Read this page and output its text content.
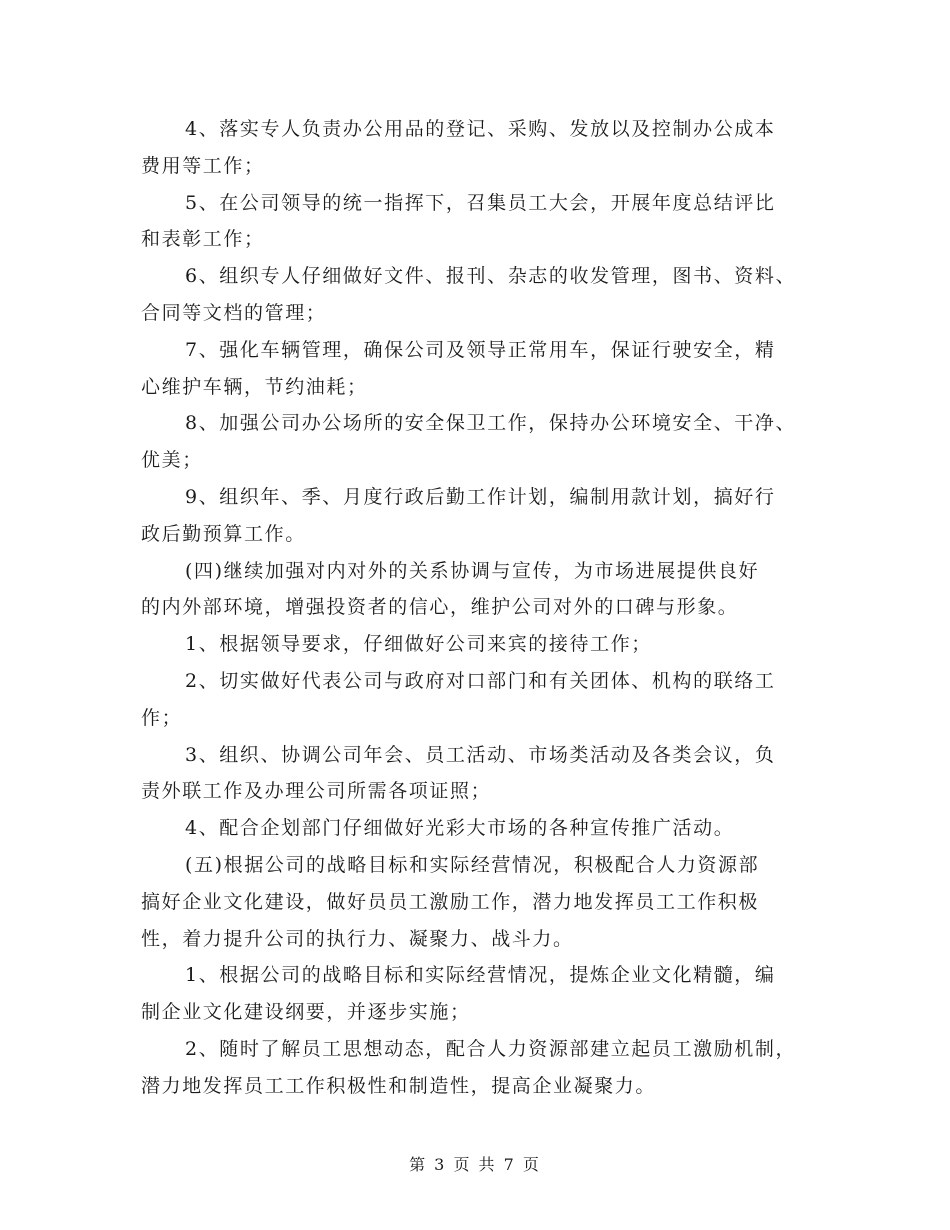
4、落实专人负责办公用品的登记、采购、发放以及控制办公成本
费用等工作；
5、在公司领导的统一指挥下，召集员工大会，开展年度总结评比
和表彰工作；
6、组织专人仔细做好文件、报刊、杂志的收发管理，图书、资料、
合同等文档的管理；
7、强化车辆管理，确保公司及领导正常用车，保证行驶安全，精
心维护车辆，节约油耗；
8、加强公司办公场所的安全保卫工作，保持办公环境安全、干净、
优美；
9、组织年、季、月度行政后勤工作计划，编制用款计划，搞好行
政后勤预算工作。
(四)继续加强对内对外的关系协调与宣传，为市场进展提供良好
的内外部环境，增强投资者的信心，维护公司对外的口碑与形象。
1、根据领导要求，仔细做好公司来宾的接待工作；
2、切实做好代表公司与政府对口部门和有关团体、机构的联络工
作；
3、组织、协调公司年会、员工活动、市场类活动及各类会议，负
责外联工作及办理公司所需各项证照；
4、配合企划部门仔细做好光彩大市场的各种宣传推广活动。
(五)根据公司的战略目标和实际经营情况，积极配合人力资源部
搞好企业文化建设，做好员员工激励工作，潜力地发挥员工工作积极
性，着力提升公司的执行力、凝聚力、战斗力。
1、根据公司的战略目标和实际经营情况，提炼企业文化精髓，编
制企业文化建设纲要，并逐步实施；
2、随时了解员工思想动态，配合人力资源部建立起员工激励机制，
潜力地发挥员工工作积极性和制造性，提高企业凝聚力。
第 3 页 共 7 页
